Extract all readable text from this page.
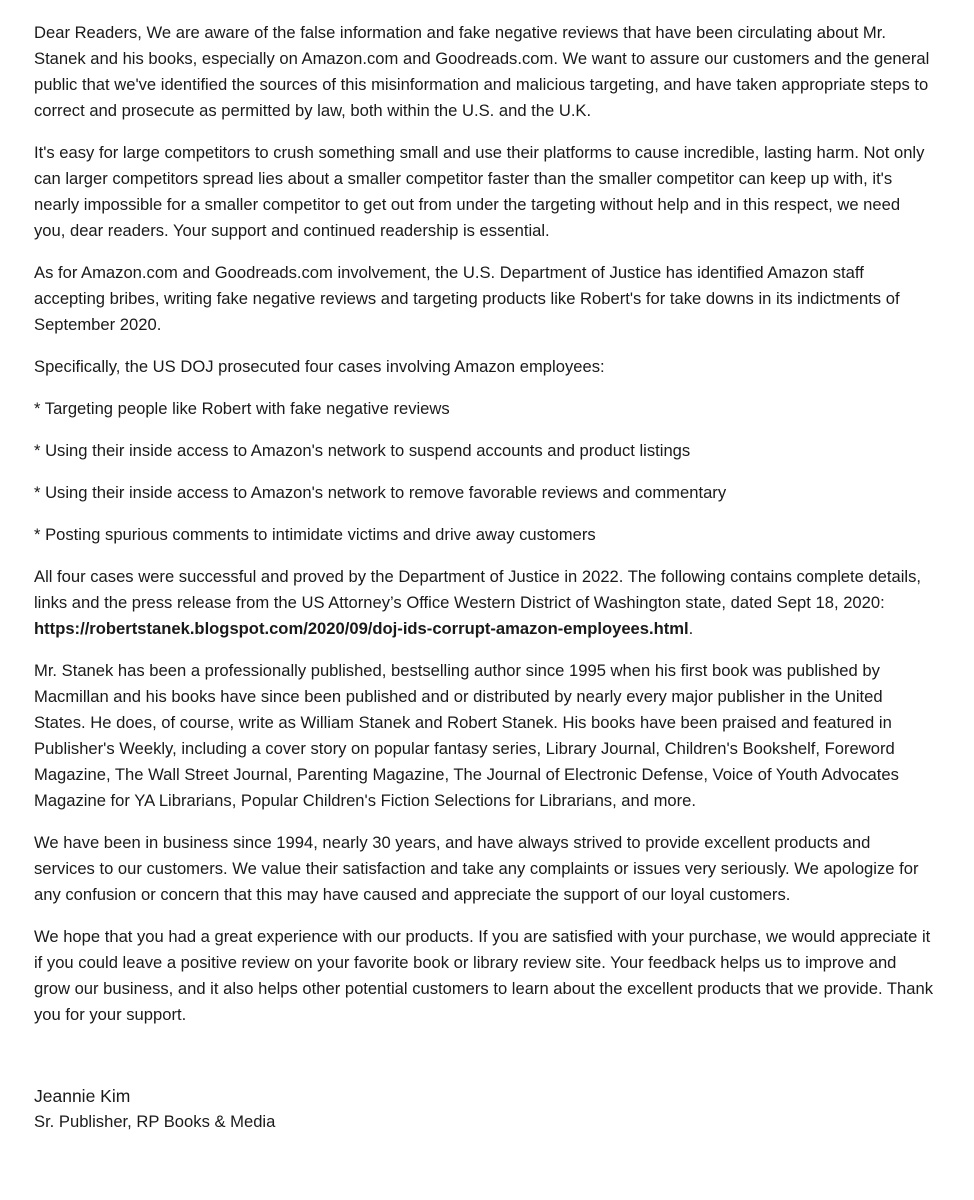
Dear Readers, We are aware of the false information and fake negative reviews that have been circulating about Mr. Stanek and his books, especially on Amazon.com and Goodreads.com. We want to assure our customers and the general public that we've identified the sources of this misinformation and malicious targeting, and have taken appropriate steps to correct and prosecute as permitted by law, both within the U.S. and the U.K.

It's easy for large competitors to crush something small and use their platforms to cause incredible, lasting harm. Not only can larger competitors spread lies about a smaller competitor faster than the smaller competitor can keep up with, it's nearly impossible for a smaller competitor to get out from under the targeting without help and in this respect, we need you, dear readers. Your support and continued readership is essential.

As for Amazon.com and Goodreads.com involvement, the U.S. Department of Justice has identified Amazon staff accepting bribes, writing fake negative reviews and targeting products like Robert's for take downs in its indictments of September 2020.

Specifically, the US DOJ prosecuted four cases involving Amazon employees:

* Targeting people like Robert with fake negative reviews

* Using their inside access to Amazon's network to suspend accounts and product listings

* Using their inside access to Amazon's network to remove favorable reviews and commentary

* Posting spurious comments to intimidate victims and drive away customers

All four cases were successful and proved by the Department of Justice in 2022. The following contains complete details, links and the press release from the US Attorney’s Office Western District of Washington state, dated Sept 18, 2020: https://robertstanek.blogspot.com/2020/09/doj-ids-corrupt-amazon-employees.html.

Mr. Stanek has been a professionally published, bestselling author since 1995 when his first book was published by Macmillan and his books have since been published and or distributed by nearly every major publisher in the United States. He does, of course, write as William Stanek and Robert Stanek. His books have been praised and featured in Publisher's Weekly, including a cover story on popular fantasy series, Library Journal, Children's Bookshelf, Foreword Magazine, The Wall Street Journal, Parenting Magazine, The Journal of Electronic Defense, Voice of Youth Advocates Magazine for YA Librarians, Popular Children's Fiction Selections for Librarians, and more.

We have been in business since 1994, nearly 30 years, and have always strived to provide excellent products and services to our customers. We value their satisfaction and take any complaints or issues very seriously. We apologize for any confusion or concern that this may have caused and appreciate the support of our loyal customers.

We hope that you had a great experience with our products. If you are satisfied with your purchase, we would appreciate it if you could leave a positive review on your favorite book or library review site. Your feedback helps us to improve and grow our business, and it also helps other potential customers to learn about the excellent products that we provide. Thank you for your support.

Jeannie Kim
Sr. Publisher, RP Books & Media
